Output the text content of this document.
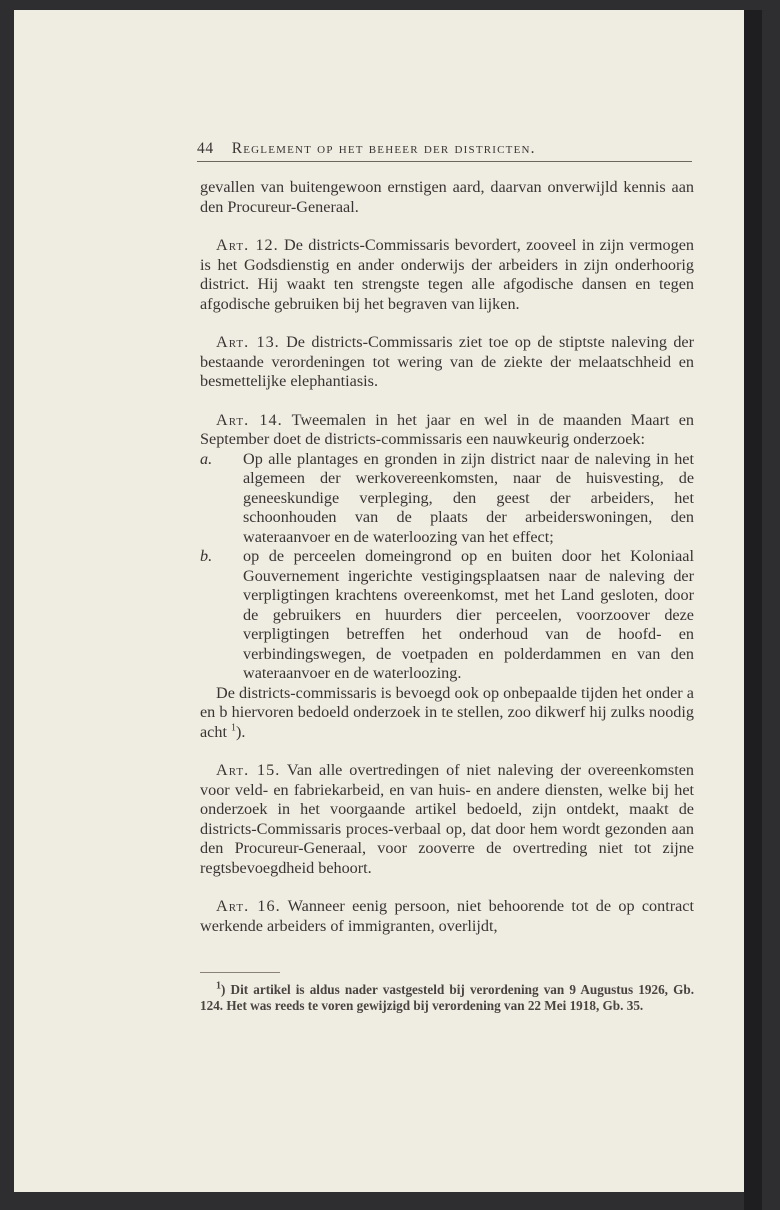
44 Reglement op het beheer der districten.

gevallen van buitengewoon ernstigen aard, daarvan onverwijld kennis aan den Procureur-Generaal.

Art. 12. De districts-Commissaris bevordert, zooveel in zijn vermogen is het Godsdienstig en ander onderwijs der arbeiders in zijn onderhoorig district. Hij waakt ten strengste tegen alle afgodische dansen en tegen afgodische gebruiken bij het begraven van lijken.

Art. 13. De districts-Commissaris ziet toe op de stiptste naleving der bestaande verordeningen tot wering van de ziekte der melaatschheid en besmettelijke elephantiasis.

Art. 14. Tweemalen in het jaar en wel in de maanden Maart en September doet de districts-commissaris een nauwkeurig onderzoek:

a.	Op alle plantages en gronden in zijn district naar de naleving in het algemeen der werkovereenkomsten, naar de huisvesting, de geneeskundige verpleging, den geest der arbeiders, het schoonhouden van de plaats der arbeiderswoningen, den wateraanvoer en de waterloozing van het effect;
b.	op de perceelen domeingrond op en buiten door het Koloniaal Gouvernement ingerichte vestigingsplaatsen naar de naleving der verpligtingen krachtens overeenkomst, met het Land gesloten, door de gebruikers en huurders dier perceelen, voorzoover deze verpligtingen betreffen het onderhoud van de hoofd- en verbindingswegen, de voetpaden en polderdammen en van den wateraanvoer en de waterloozing.

De districts-commissaris is bevoegd ook op onbepaalde tijden het onder a en b hiervoren bedoeld onderzoek in te stellen, zoo dikwerf hij zulks noodig acht $^1$).

Art. 15. Van alle overtredingen of niet naleving der overeenkomsten voor veld- en fabriekarbeid, en van huis- en andere diensten, welke bij het onderzoek in het voorgaande artikel bedoeld, zijn ontdekt, maakt de districts-Commissaris proces-verbaal op, dat door hem wordt gezonden aan den Procureur-Generaal, voor zooverre de overtreding niet tot zijne regtsbevoegdheid behoort.

Art. 16. Wanneer eenig persoon, niet behoorende tot de op contract werkende arbeiders of immigranten, overlijdt,

$^1$) Dit artikel is aldus nader vastgesteld bij verordening van 9 Augustus 1926, Gb. 124. Het was reeds te voren gewijzigd bij verordening van 22 Mei 1918, Gb. 35.
